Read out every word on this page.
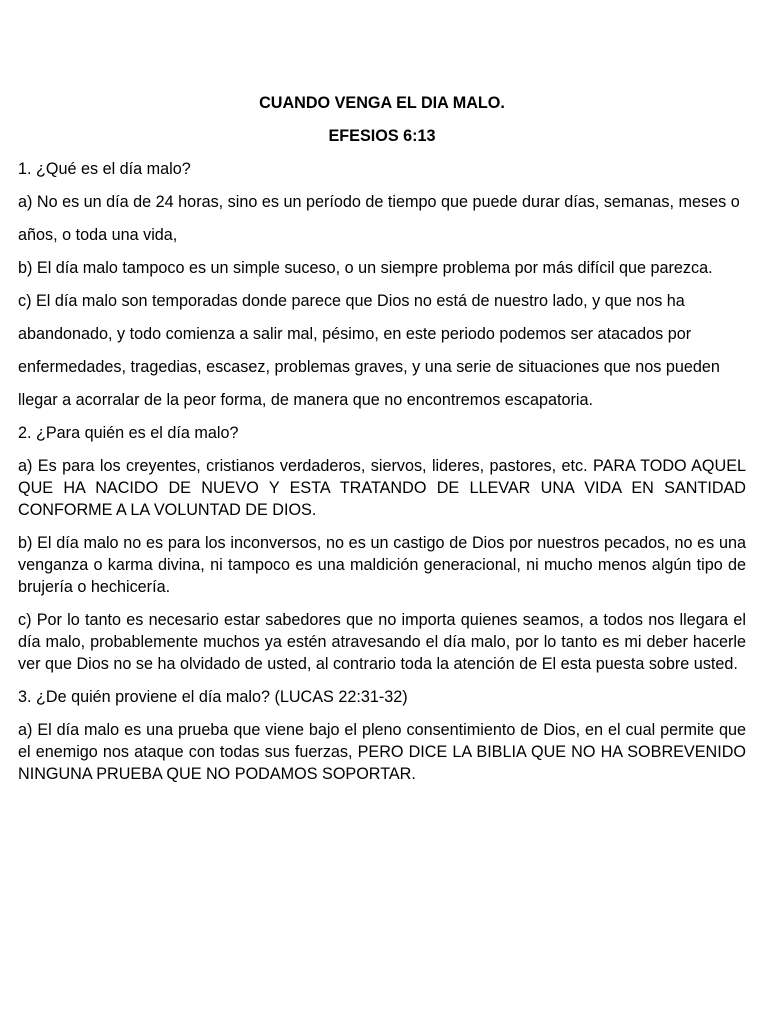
CUANDO VENGA EL DIA MALO.
EFESIOS 6:13

1. ¿Qué es el día malo?

a) No es un día de 24 horas, sino es un período de tiempo que puede durar días, semanas, meses o

años, o toda una vida,

b) El día malo tampoco es un simple suceso, o un siempre problema por más difícil que parezca.

c) El día malo son temporadas donde parece que Dios no está de nuestro lado, y que nos ha

abandonado, y todo comienza a salir mal, pésimo, en este periodo podemos ser atacados por

enfermedades, tragedias, escasez, problemas graves, y una serie de situaciones que nos pueden

llegar a acorralar de la peor forma, de manera que no encontremos escapatoria.

2. ¿Para quién es el día malo?

a) Es para los creyentes, cristianos verdaderos, siervos, lideres, pastores, etc. PARA TODO AQUEL QUE HA NACIDO DE NUEVO Y ESTA TRATANDO DE LLEVAR UNA VIDA EN SANTIDAD CONFORME A LA VOLUNTAD DE DIOS.

b) El día malo no es para los inconversos, no es un castigo de Dios por nuestros pecados, no es una venganza o karma divina, ni tampoco es una maldición generacional, ni mucho menos algún tipo de brujería o hechicería.

c) Por lo tanto es necesario estar sabedores que no importa quienes seamos, a todos nos llegara el día malo, probablemente muchos ya estén atravesando el día malo, por lo tanto es mi deber hacerle ver que Dios no se ha olvidado de usted, al contrario toda la atención de El esta puesta sobre usted.

3. ¿De quién proviene el día malo? (LUCAS 22:31-32)

a) El día malo es una prueba que viene bajo el pleno consentimiento de Dios, en el cual permite que el enemigo nos ataque con todas sus fuerzas, PERO DICE LA BIBLIA QUE NO HA SOBREVENIDO NINGUNA PRUEBA QUE NO PODAMOS SOPORTAR.
